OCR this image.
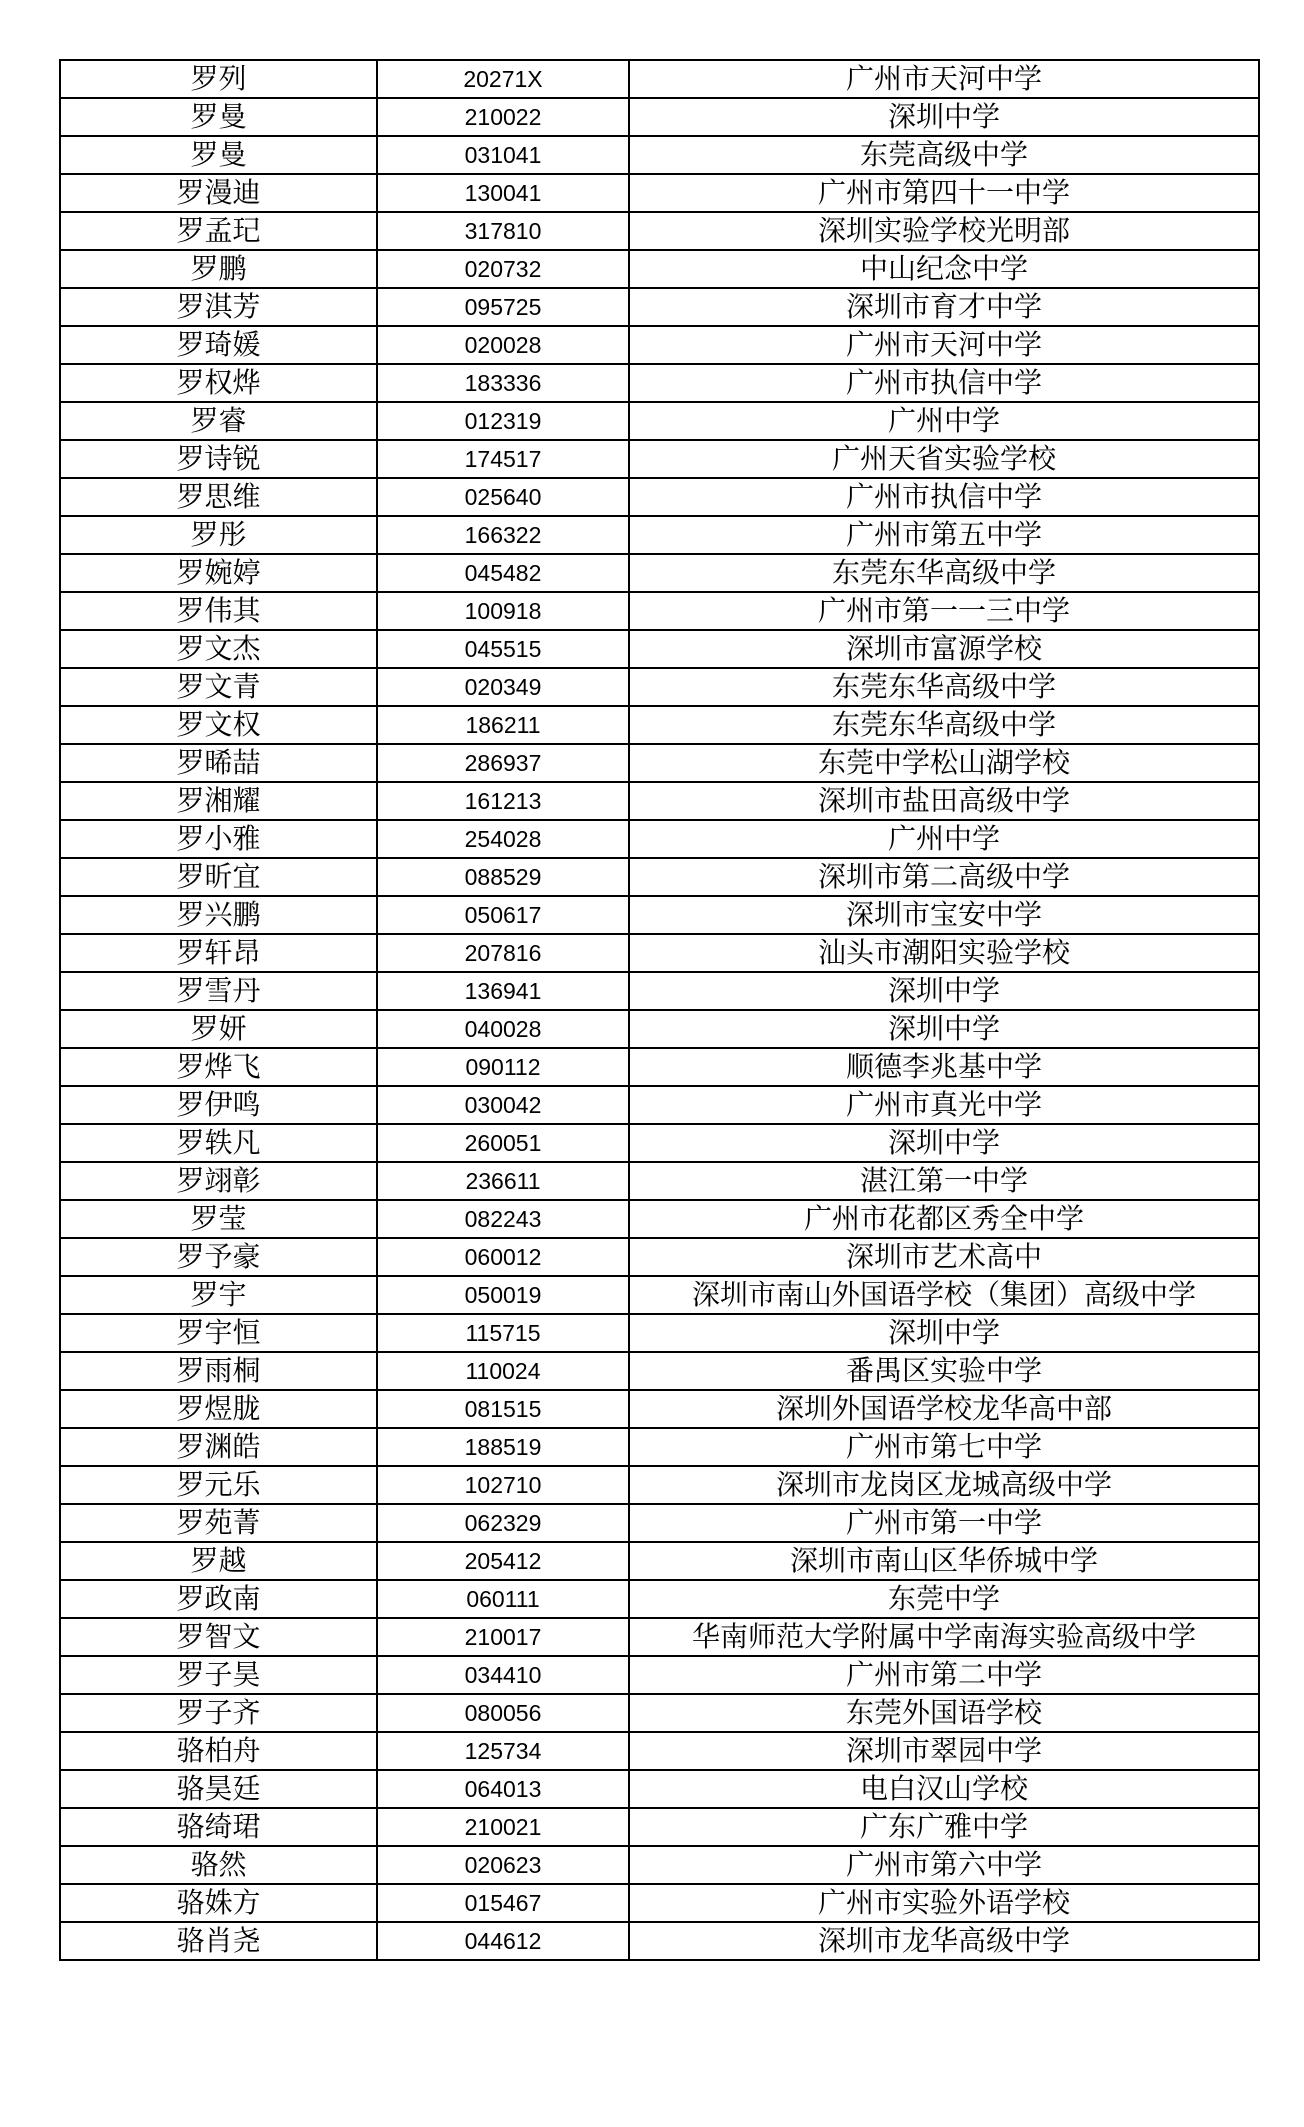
罗列	20271X	广州市天河中学
罗曼	210022	深圳中学
罗曼	031041	东莞高级中学
罗漫迪	130041	广州市第四十一中学
罗孟玘	317810	深圳实验学校光明部
罗鹏	020732	中山纪念中学
罗淇芳	095725	深圳市育才中学
罗琦媛	020028	广州市天河中学
罗权烨	183336	广州市执信中学
罗睿	012319	广州中学
罗诗锐	174517	广州天省实验学校
罗思维	025640	广州市执信中学
罗彤	166322	广州市第五中学
罗婉婷	045482	东莞东华高级中学
罗伟其	100918	广州市第一一三中学
罗文杰	045515	深圳市富源学校
罗文青	020349	东莞东华高级中学
罗文权	186211	东莞东华高级中学
罗晞喆	286937	东莞中学松山湖学校
罗湘耀	161213	深圳市盐田高级中学
罗小雅	254028	广州中学
罗昕宜	088529	深圳市第二高级中学
罗兴鹏	050617	深圳市宝安中学
罗轩昂	207816	汕头市潮阳实验学校
罗雪丹	136941	深圳中学
罗妍	040028	深圳中学
罗烨飞	090112	顺德李兆基中学
罗伊鸣	030042	广州市真光中学
罗轶凡	260051	深圳中学
罗翊彰	236611	湛江第一中学
罗莹	082243	广州市花都区秀全中学
罗予豪	060012	深圳市艺术高中
罗宇	050019	深圳市南山外国语学校（集团）高级中学
罗宇恒	115715	深圳中学
罗雨桐	110024	番禺区实验中学
罗煜胧	081515	深圳外国语学校龙华高中部
罗渊皓	188519	广州市第七中学
罗元乐	102710	深圳市龙岗区龙城高级中学
罗苑菁	062329	广州市第一中学
罗越	205412	深圳市南山区华侨城中学
罗政南	060111	东莞中学
罗智文	210017	华南师范大学附属中学南海实验高级中学
罗子昊	034410	广州市第二中学
罗子齐	080056	东莞外国语学校
骆柏舟	125734	深圳市翠园中学
骆昊廷	064013	电白汉山学校
骆绮珺	210021	广东广雅中学
骆然	020623	广州市第六中学
骆姝方	015467	广州市实验外语学校
骆肖尧	044612	深圳市龙华高级中学
